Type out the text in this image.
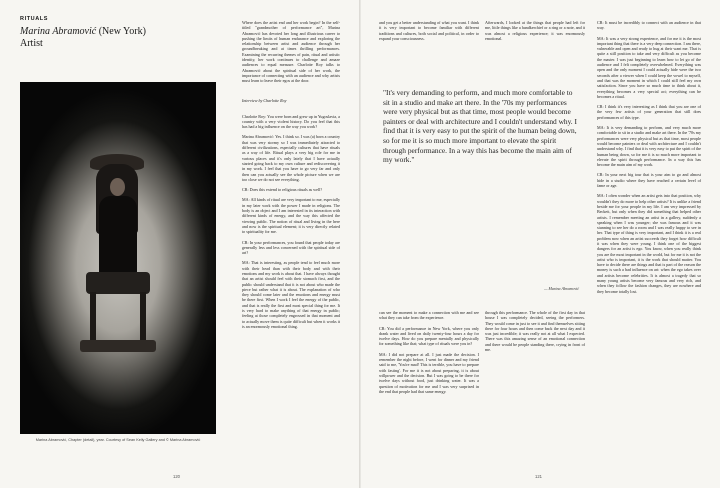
RITUALS
Marina Abramović (New York)
Artist
Marina Abramović, Chapter (detail), year. Courtesy of Sean Kelly Gallery and © Marina Abramović

Where does the artist end and her work begin? In the self-titled "grandmother of performance art", Marina Abramović has devoted her long and illustrious career to pushing the limits of human endurance and exploring the relationship between artist and audience through her groundbreaking and at times thrilling performances. Examining the recurring themes of pain, ritual and artistic identity, her work continues to challenge and amaze audiences to equal measure. Charlotte Roy talks to Abramović about the spiritual side of her work, the importance of connecting with an audience and why artists must learn to leave their egos at the door.

Interview by Charlotte Roy

Charlotte Roy: You were born and grew up in Yugoslavia, a country with a very violent history. Do you feel that this has had a big influence on the way you work?

Marina Abramović: Yes. I think so. I was (a) born a country that was very stormy so I was immediately attracted to different civilizations, especially cultures that have rituals as a way of life. Ritual plays a very big role for me in various places and it's only lately that I have actually started going back to my own culture and rediscovering it in my work. I feel that you have to go very far and only then can you actually see the whole picture when we are too close we do not see everything.

CR: Does this extend to religious rituals as well?

MA: All kinds of ritual are very important to me, especially in my later work with the power I made in religions. The body is an object and I am interested in its interaction with different kinds of energy, and the way this affected the viewing public. The notion of ritual and living in the here and now is the spiritual element; it is very directly related to spirituality for me.

CR: In your performances, you found that people today are generally less and less concerned with the spiritual side of art?

MA: That is interesting, as people tend to feel much more with their head than with their body and with their emotions and my work is about that. I have always thought that an artist should feel with their stomach first, and the public should understand that it is not about who made the piece but rather what it is about. The explanation of who they should come later and the emotions and energy must be there first. When I work I feel the energy of the public, and that is really the first and most special thing for me. It is very hard to make anything of that energy in public; feeling at those completely engrossed in that moment and to actually move them is quite difficult but when it works it is an enormously emotional thing.

120

and you get a better understanding of what you want. I think it is very important to become familiar with different traditions and cultures, both social and political, in order to expand your consciousness.

Afterwards, I looked at the things that people had left for me, little things like a handkerchief or a ring or a note, and it was almost a religious experience; it was enormously emotional.

"It's very demanding to perform, and much more comfortable to sit in a studio and make art there. In the '70s my performances were very physical but as that time, most people would become painters or deal with architecture and I couldn't understand why. I find that it is very easy to put the spirit of the human being down, so for me it is so much more important to elevate the spirit through performance. In a way this has become the main aim of my work."
— Marina Abramović

can see the moment to make a connection with me and see what they can take from the experience.

CR: You did a performance in New York, where you only drank water and lived on daily twenty-four hours a day for twelve days. How do you prepare mentally and physically for something like that; what type of rituals were you in?

MA: I did not prepare at all. I just made the decision. I remember the night before, I went for dinner and my friend said to me, 'You're mad! This is terrible, you have to prepare with fasting'. For me it is not about preparing, it is about willpower and the decision. But I was going to be there for twelve days without food, just drinking water. It was a question of motivation for me and I was very surprised in the end that people had that same energy.

through this performance. The whole of the first day in that house I was completely decided, seeing the performers. They would come in just to see it and find themselves sitting there for four hours and then come back the next day and it was just incredible; it was really not at all what I expected. There was this amazing sense of an emotional connection and there would be people standing there, crying in front of me.

CR: It must be incredibly to connect with an audience in that way.

MA: It was a very strong experience, and for me it is the most important thing that there is a very deep connection. I am there, vulnerable and open and ready to hug at their want me. That is quite a still position to take and very difficult as you become the master. I was just beginning to learn how to let go of the audience and I felt completely overwhelmed. Everything was open and the only moment I could actually hide were the two seconds after a viewer when I could keep the vowel to myself, and that was the moment in which I could still feel my own satisfaction. Since you have so much time to think about it, everything becomes a very special act; everything can be becomes a ritual.

CR: I think it's very interesting as I think that you are one of the very few artists of your generation that still does performances of this type.

MA: It is very demanding to perform, and very much more comfortable to sit in a studio and make art there. In the '70s my performances were very physical but as that time, most people would become painters or deal with architecture and I couldn't understand why. I find that it is very easy to put the spirit of the human being down, so for me it is so much more important to elevate the spirit through performance. In a way this has become the main aim of my work.

CR: In your next big tour that is your aim to go and almost hide in a studio where they have reached a certain level of fame or age.

MA: I often wonder when an artist gets into that position, why wouldn't they do more to help other artists? It is unlike a friend beside me for your people in my life. I am very impressed by Beckett, but only when they did something that helped other artists. I remember meeting an artist in a gallery, suddenly a speaking when I was younger; she was famous and it was stunning to see her do a room and I was really happy to see in her. That type of thing is very important, and I think it is a real problem now when an artist succeeds they forget how difficult it was when they were young. I think one of the biggest dangers for an artist is ego. You know, when you really think you are the most important in the world, but for me it is not the artist who is important, it is the work that should matter. You have to decide there are things and that is part of the reason the money is such a bad influence on art: when the ego takes over and artists become celebrities. It is almost a tragedy that so many young artists become very famous and very rich, and when they follow the fashion changes, they are nowhere and they become totally lost.

121
